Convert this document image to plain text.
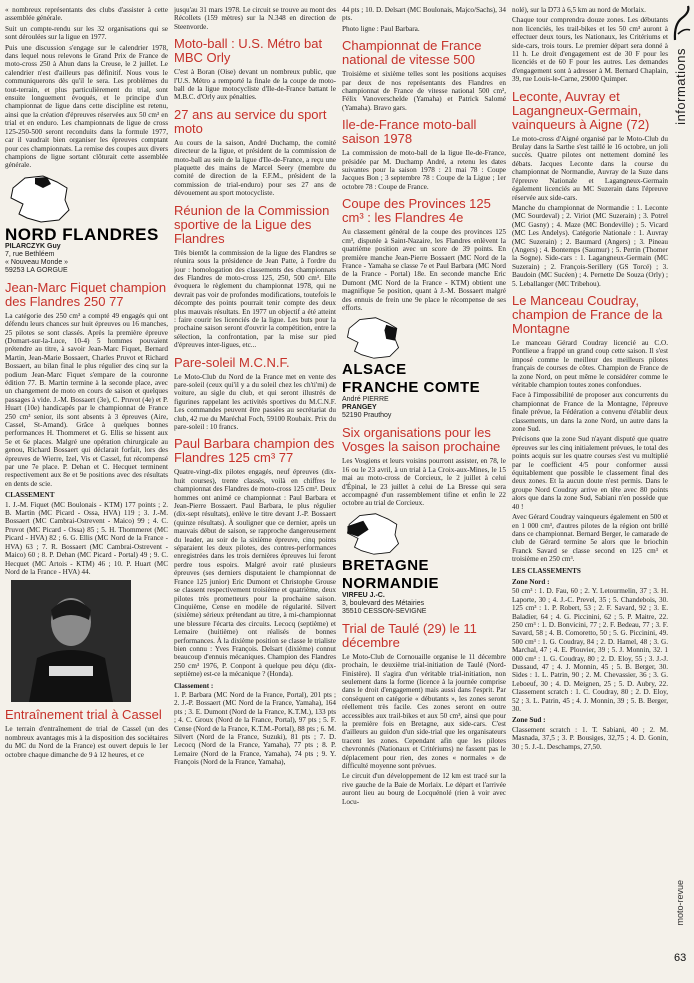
« nombreux représentants des clubs d'assister à cette assemblée générale.

Suit un compte-rendu sur les 32 organisations qui se sont déroulées sur la ligue en 1977.

Puis une discussion s'engage sur le calendrier 1978, dans lequel nous relevons le Grand Prix de France de moto-cross 250 à Ahun dans la Creuse, le 2 juillet. Le calendrier n'est d'ailleurs pas définitif. Nous vous le communiquerons dès qu'il le sera. Les problèmes du tout-terrain, et plus particulièrement du trial, sont ensuite longuement évoqués, et le principe d'un championnat de ligue dans cette discipline est retenu, ainsi que la création d'épreuves réservées aux 50 cm³ en trial et en enduro. Les championnats de ligue de cross 125-250-500 seront reconduits dans la formule 1977, car il vaudrait bien organiser les épreuves comptant pour ces championnats. La remise des coupes aux divers champions de ligue sortant clôturait cette assemblée générale.

NORD FLANDRES
PILARCZYK Guy
7, rue Bethléem
« Nouveau Monde »
59253 LA GORGUE
Jean-Marc Fiquet champion des Flandres 250 77

La catégorie des 250 cm³ a compté 49 engagés qui ont défendu leurs chances sur huit épreuves ou 16 manches, 25 pilotes se sont classés. Après la première épreuve (Domart-sur-la-Luce, 10-4) 5 hommes pouvaient prétendre au titre, à savoir Jean-Marc Fiquet, Bernard Martin, Jean-Marie Bossaert, Charles Pruvot et Richard Bossaert, au bilan final le plus régulier des cinq sur la podium Jean-Marc Fiquet s'empare de la couronne édition 77. B. Martin termine à la seconde place, avec un changement de moto en cours de saison et quelques passages à vide. J.-M. Bossaert (3e), C. Pruvot (4e) et P. Huart (10e) handicapés par le championnat de France 250 cm³ senior, ils sont absents à 3 épreuves (Aire, Cassel, St-Amand). Grâce à quelques bonnes performances H. Thommeret et G. Ellis se hissent aux 5e et 6e places. Malgré une opération chirurgicale au genou, Richard Bossaert qui déclarait forfait, lors des épreuves de Wierre, Izel, Vis et Cassel, fut récompensé par une 7e place. P. Dehan et C. Hecquet terminent respectivement aux 8e et 9e positions avec des résultats en dents de scie.

CLASSEMENT

1. J.-M. Fiquet (MC Boulonais - KTM) 177 points ; 2. B. Martin (MC Picard - Ossa, HVA) 119 ; 3. J.-M. Bossaert (MC Cambrai-Ostrevent - Maico) 99 ; 4. C. Pruvot (MC Picard - Ossa) 85 ; 5. H. Thommeret (MC Picard - HVA) 82 ; 6. G. Ellis (MC Nord de la France - HVA) 63 ; 7. R. Bossaert (MC Cambrai-Ostrevent - Maico) 60 ; 8. P. Dehan (MC Picard - Portal) 49 ; 9. C. Hecquet (MC Artois - KTM) 46 ; 10. P. Huart (MC Nord de la France - HVA) 44.

Entraînement trial à Cassel

Le terrain d'entraînement de trial de Cassel (un des nombreux avantages mis à la disposition des sociétaires du MC du Nord de la France) est ouvert depuis le 1er octobre chaque dimanche de 9 à 12 heures, et ce

jusqu'au 31 mars 1978. Le circuit se trouve au mont des Récollets (159 mètres) sur la N.348 en direction de Steenvorde.

Moto-ball : U.S. Métro bat MBC Orly

C'est à Boran (Oise) devant un nombreux public, que l'U.S. Métro a remporté la finale de la coupe de moto-ball de la ligue motocycliste d'Ile-de-France battant le M.B.C. d'Orly aux pénalties.

27 ans au service du sport moto

Au cours de la saison, André Duchamp, the comité directeur de la ligue, et président de la commission de moto-ball au sein de la ligue d'Ile-de-France, a reçu une plaquette des mains de Marcel Seery (membre du comité de direction de la F.F.M., président de la commission de trial-enduro) pour ses 27 ans de dévouement au sport motocycliste.

Réunion de la Commission sportive de la Ligue des Flandres

Très bientôt la commission de la ligue des Flandres se réunira sous la présidence de Jean Patte, à l'ordre du jour : homologation des classements des championnats des Flandres de moto-cross 125, 250, 500 cm³. Elle évoquera le règlement du championnat 1978, qui ne devrait pas voir de profondes modifications, toutefois le décompte des points pourrait tenir compte des deux plus mauvais résultats. En 1977 un objectif a été atteint : faire courir les licenciés de la ligue. Les buts pour la prochaine saison seront d'ouvrir la compétition, entre la sélection, la confrontation, par la mise sur pied d'épreuves inter-ligues, etc...

Pare-soleil M.C.N.F.

Le Moto-Club du Nord de la France met en vente des pare-soleil (ceux qui'il y a du soleil chez les ch'ti'mi) de voiture, au sigle du club, et qui seront illustrés de figurines rappelant les activités sportives du M.C.N.F. Les commandes peuvent être passées au secrétariat du club, 42 rue du Maréchal Foch, 59100 Roubaix. Prix du pare-soleil : 10 francs.

Paul Barbara champion des Flandres 125 cm³ 77

Quatre-vingt-dix pilotes engagés, neuf épreuves (dix-huit courses), trente classés, voilà en chiffres le championnat des Flandres de moto-cross 125 cm³. Deux hommes ont animé ce championnat : Paul Barbara et Jean-Pierre Bossaert. Paul Barbara, le plus régulier (dix-sept résultats), enlève le titre devant J.-P. Bossaert (quinze résultats). À souligner que ce dernier, après un mauvais début de saison, se rapproche dangereusement du leader, au soir de la sixième épreuve, cinq points séparaient les deux pilotes, des contres-performances enregistrées dans les trois dernières épreuves lui feront perdre tous espoirs. Malgré avoir raté plusieurs épreuves (ses derniers disputaient le championnat de France 125 junior) Eric Dumont et Christophe Grouse se classent respectivement troisième et quatrième, deux pilotes très prometteurs pour la prochaine saison. Cinquième, Cense en modèle de régularité. Silvert (sixième) sérieux prétendant au titre, à mi-championnat une blessure l'écarta des circuits. Lecocq (septième) et Lemaire (huitième) ont réalisés de bonnes performances. À la dixième position se classe le trialiste bien connu : Yves François. Delsart (dixième) connut beaucoup d'ennuis mécaniques. Champion des Flandres 250 cm³ 1976, P. Conpont à quelque peu déçu (dix-septième) est-ce la mécanique ? (Honda).

Classement :

1. P. Barbara (MC Nord de la France, Portal), 201 pts ; 2. J.-P. Bossaert (MC Nord de la France, Yamaha), 164 pts ; 3. E. Dumont (Nord de la France, K.T.M.), 133 pts ; 4. C. Groux (Nord de la France, Portal), 97 pts ; 5. F. Cense (Nord de la France, K.T.M.-Portal), 88 pts ; 6. M. Silvert (Nord de la France, Suzuki), 81 pts ; 7. D. Lecocq (Nord de la France, Yamaha), 77 pts ; 8. P. Lemaire (Nord de la France, Yamaha), 74 pts ; 9. Y. François (Nord de la France, Yamaha),

44 pts ; 10. D. Delsart (MC Boulonais, Majco/Sachs), 34 pts.

Photo ligne : Paul Barbara.

Championnat de France national de vitesse 500

Troisième et sixième telles sont les positions acquises par deux de nos représentants des Flandres en championnat de France de vitesse national 500 cm³, Félix Vanoverschelde (Yamaha) et Patrick Salomé (Yamaha). Bravo gars.

Ile-de-France moto-ball saison 1978

La commission de moto-ball de la ligue Ile-de-France, présidée par M. Duchamp André, a retenu les dates suivantes pour la saison 1978 : 21 mai 78 : Coupe Jacques Bon ; 3 septembre 78 : Coupe de la Ligue ; 1er octobre 78 : Coupe de France.

Coupe des Provinces 125 cm³ : les Flandres 4e

Au classement général de la coupe des provinces 125 cm³, disputée à Saint-Nazaire, les Flandres enlèvent la quatrième position avec un score de 39 points. En première manche Jean-Pierre Bossaert (MC Nord de la France - Yamaha se classe 7e et Paul Barbara (MC Nord de la France - Portal) 18e. En seconde manche Eric Dumont (MC Nord de la France - KTM) obtient une magnifique 5e position, quant à J.-M. Bossaert malgré des ennuis de frein une 9e place le récompense de ses efforts.

ALSACE
FRANCHE COMTE
André PIERRE
PRANGEY
52190 Prauthoy
Six organisations pour les Vosges la saison prochaine

Les Vosgiens et leurs voisins pourront assister, en 78, le 16 ou le 23 avril, à un trial à La Croix-aux-Mines, le 15 mai au moto-cross de Corcieux, le 2 juillet à celui d'Épinal, le 23 juillet à celui de La Bresse qui sera accompagné d'un rassemblement tifine et enfin le 22 octobre au trial de Corcieux.

BRETAGNE
NORMANDIE
VIRFEU J.-C.
3, boulevard des Métairies
35510 CESSON-SEVIGNE
Trial de Taulé (29) le 11 décembre

Le Moto-Club de Cornouaille organise le 11 décembre prochain, le deuxième trial-initiation de Taulé (Nord-Finistère). Il s'agira d'un véritable trial-initiation, non seulement dans la forme (licence à la journée comprise dans le droit d'engagement) mais aussi dans l'esprit. Par conséquent en catégorie « débutants », les zones seront réellement très facile. Ces zones seront en outre accessibles aux trail-bikes et aux 50 cm³, ainsi que pour la première fois en Bretagne, aux side-cars. C'est d'ailleurs au guidon d'un side-trial que les organisateurs tracent les zones. Cependant afin que les pilotes chevronnés (Nationaux et Critériums) ne fassent pas le déplacement pour rien, des zones « normales » de difficulté moyenne sont prévues.

Le circuit d'un développement de 12 km est tracé sur la rive gauche de la Baie de Morlaix. Le départ et l'arrivée auront lieu au bourg de Locquénolé (rien à voir avec Locu-

nolé), sur la D73 à 6,5 km au nord de Morlaix.

Chaque tour comprendra douze zones. Les débutants non licenciés, les trail-bikes et les 50 cm³ auront à effectuer deux tours, les Nationaux, les Critériums et side-cars, trois tours. Le premier départ sera donné à 11 h. Le droit d'engagement est de 30 F pour les licenciés et de 60 F pour les autres. Les demandes d'engagement sont à adresser à M. Bernard Chaplain, 39, rue Louis-le-Carne, 29000 Quimper.

Leconte, Auvray et Lagangneux-Germain, vainqueurs à Aigne (72)

Le moto-cross d'Aigné organisé par le Moto-Club du Brulay dans la Sarthe s'est taillé le 16 octobre, un joli succès. Quatre pilotes ont nettement dominé les débats. Jacques Leconte dans la course du championnat de Normandie, Auvray de la Suze dans l'épreuve Nationale et Lagangneux-Germain également licenciés au MC Suzerain dans l'épreuve réservée aux side-cars.

Manche du championnat de Normandie : 1. Leconte (MC Sourdeval) ; 2. Viriot (MC Suzerain) ; 3. Potrel (MC Gasny) ; 4. Maze (MC Bondeville) ; 5. Vicard (MC Les Andelys). Catégorie Nationale : 1. Auvray (MC Suzerain) ; 2. Baumard (Angers) ; 3. Pineau (Angers) ; 4. Bontemps (Saumur) ; 5. Perrin (Thomer la Sogne). Side-cars : 1. Lagangneux-Germain (MC Suzerain) ; 2. François-Serillery (GS Torcé) ; 3. Baudoin (MC Sucéen) ; 4. Pernette De Souza (Orly) ; 5. Leballanger (MC Tribehou).

Le Manceau Coudray, champion de France de la Montagne

Le manceau Gérard Coudray licencié au C.O. Pontlieue a frappé un grand coup cette saison. Il s'est imposé comme le meilleur des meilleurs pilotes français de courses de côtes. Champion de France de la zone Nord, on peut même le considérer comme le véritable champion toutes zones confondues.

Face à l'impossibilité de proposer aux concurrents du championnat de France de la Montagne, l'épreuve finale prévue, la Fédération a convenu d'établir deux classements, un dans la zone Nord, un autre dans la zone Sud.

Précisons que la zone Sud n'ayant disputé que quatre épreuves sur les cinq initialement prévues, le total des points acquis sur les quatre courses s'est vu multiplié par le coefficient 4/5 pour conformer aussi équitablement que possible le classement final des deux zones. Et la aucun doute n'est permis. Dans le groupe Nord Coudray arrive en tête avec 80 points alors que dans la zone Sud, Sabiani n'en possède que 40 !

Avec Gérard Coudray vainqueurs également en 500 et en 1 000 cm³, d'autres pilotes de la région ont brillé dans ce championnat. Bernard Berger, le camarade de club de Gérard termine 5e alors que le briochin Franck Savard se classe second en 125 cm³ et troisième en 250 cm³.

LES CLASSEMENTS
Zone Nord :

50 cm³ : 1. D. Fau, 60 ; 2. Y. Letourmelin, 37 ; 3. H. Laporte, 30 ; 4. J.-C. Prevel, 35 ; 5. Chandebois, 30. 125 cm³ : 1. P. Robert, 53 ; 2. F. Savard, 92 ; 3. E. Baladier, 64 ; 4. G. Piccinini, 62 ; 5. P. Maitre, 22. 250 cm³ : 1. D. Bonvicini, 77 ; 2. F. Bedeau, 77 ; 3. F. Savard, 58 ; 4. B. Comoretto, 50 ; 5. G. Piccinini, 49. 500 cm³ : 1. G. Coudray, 84 ; 2. D. Hamel, 48 ; 3. G. Marchal, 47 ; 4. E. Plouvier, 39 ; 5. J. Monnin, 32. 1 000 cm³ : 1. G. Coudray, 80 ; 2. D. Eloy, 55 ; 3. J.-J. Dussaud, 47 ; 4. J. Monnin, 45 ; 5. B. Berger, 30. Sides : 1. L. Patrin, 90 ; 2. M. Chevassier, 36 ; 3. G. Leboeuf, 30 ; 4. D. Meignen, 25 ; 5. D. Aubry, 22. Classement scratch : 1. C. Coudray, 80 ; 2. D. Eloy, 52 ; 3. L. Patrin, 45 ; 4. J. Monnin, 39 ; 5. B. Berger, 30.

Zone Sud :

Classement scratch : 1. T. Sabiani, 40 ; 2. M. Masnada, 37,5 ; 3. P. Bousiges, 32,75 ; 4. D. Gonin, 30 ; 5. J.-L. Deschamps, 27,50.

informations
moto-revue
63
